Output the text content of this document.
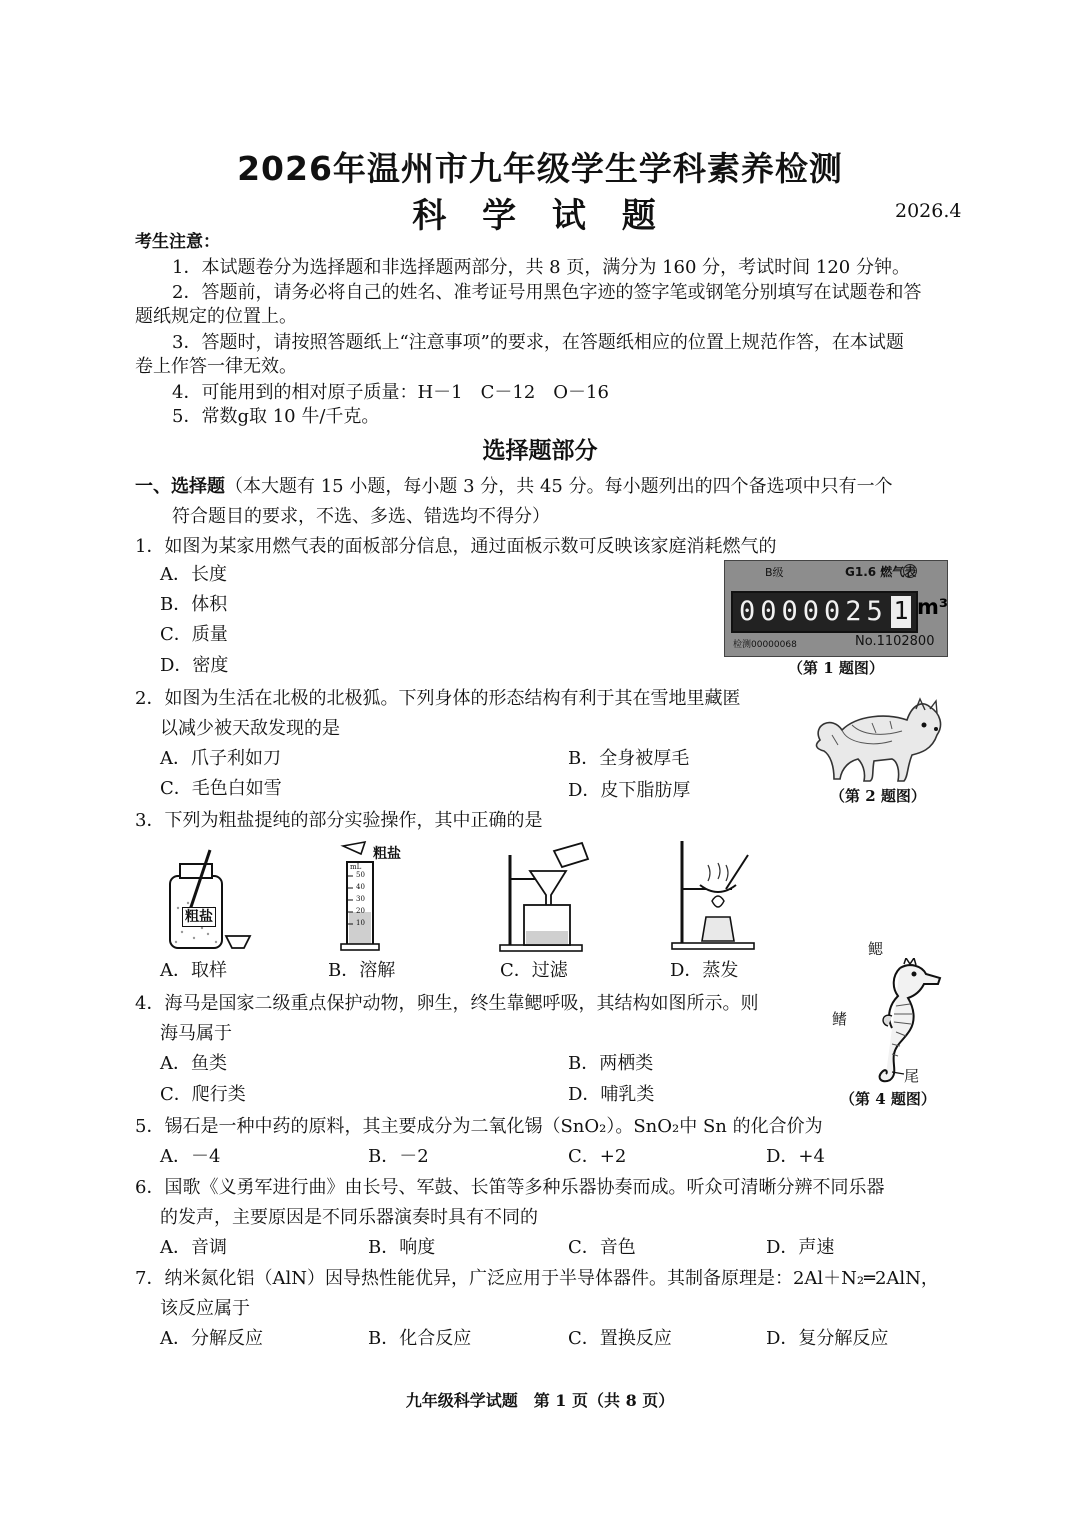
2026年温州市九年级学生学科素养检测
科 学 试 题	2026.4
考生注意：
1．本试题卷分为选择题和非选择题两部分，共 8 页，满分为 160 分，考试时间 120 分钟。
2．答题前，请务必将自己的姓名、准考证号用黑色字迹的签字笔或钢笔分别填写在试题卷和答
题纸规定的位置上。
3．答题时，请按照答题纸上“注意事项”的要求，在答题纸相应的位置上规范作答，在本试题
卷上作答一律无效。
4．可能用到的相对原子质量：H－1　C－12　O－16
5．常数g取 10 牛/千克。
选择题部分
一、选择题（本大题有 15 小题，每小题 3 分，共 45 分。每小题列出的四个备选项中只有一个
符合题目的要求，不选、多选、错选均不得分）
1．如图为某家用燃气表的面板部分信息，通过面板示数可反映该家庭消耗燃气的
A．长度
B．体积
C．质量
D．密度
B级	G1.6 燃气表
0000025 1 m³
检测00000068	No.1102800
（第 1 题图）
2．如图为生活在北极的北极狐。下列身体的形态结构有利于其在雪地里藏匿
以减少被天敌发现的是
A．爪子利如刀	B．全身被厚毛
C．毛色白如雪	D．皮下脂肪厚	（第 2 题图）
3．下列为粗盐提纯的部分实验操作，其中正确的是
粗盐
粗盐
mL
50
40
30
20
10
A．取样	B．溶解	C．过滤	D．蒸发
4．海马是国家二级重点保护动物，卵生，终生靠鳃呼吸，其结构如图所示。则
海马属于
A．鱼类	B．两栖类
C．爬行类	D．哺乳类
鳃
鳍
尾
（第 4 题图）
5．锡石是一种中药的原料，其主要成分为二氧化锡（SnO₂）。SnO₂中 Sn 的化合价为
A．－4	B．－2	C．+2	D．+4
6．国歌《义勇军进行曲》由长号、军鼓、长笛等多种乐器协奏而成。听众可清晰分辨不同乐器
的发声，主要原因是不同乐器演奏时具有不同的
A．音调	B．响度	C．音色	D．声速
7．纳米氮化铝（AlN）因导热性能优异，广泛应用于半导体器件。其制备原理是：2Al＋N₂═2AlN，
该反应属于
A．分解反应	B．化合反应	C．置换反应	D．复分解反应
九年级科学试题　第 1 页（共 8 页）
